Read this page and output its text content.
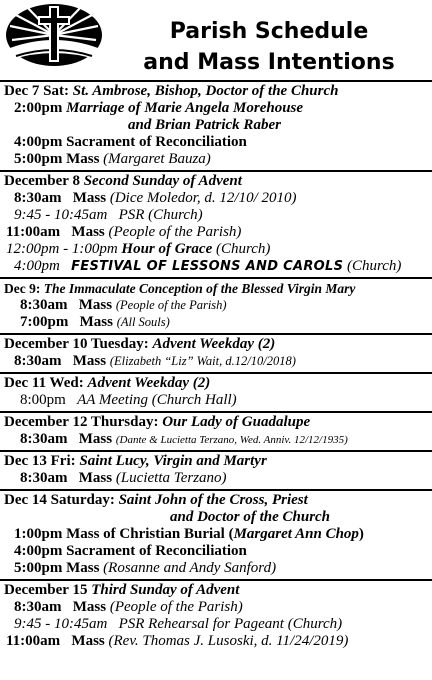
Parish Schedule
and Mass Intentions
Dec 7 Sat: St. Ambrose, Bishop, Doctor of the Church
2:00pm Marriage of Marie Angela Morehouse
and Brian Patrick Raber
4:00pm Sacrament of Reconciliation
5:00pm Mass (Margaret Bauza)
December 8 Second Sunday of Advent
8:30am Mass (Dice Moledor, d. 12/10/ 2010)
9:45 - 10:45am PSR (Church)
11:00am Mass (People of the Parish)
12:00pm - 1:00pm Hour of Grace (Church)
4:00pm FESTIVAL OF LESSONS AND CAROLS (Church)
Dec 9: The Immaculate Conception of the Blessed Virgin Mary
8:30am Mass (People of the Parish)
7:00pm Mass (All Souls)
December 10 Tuesday: Advent Weekday (2)
8:30am Mass (Elizabeth “Liz” Wait, d.12/10/2018)
Dec 11 Wed: Advent Weekday (2)
8:00pm AA Meeting (Church Hall)
December 12 Thursday: Our Lady of Guadalupe
8:30am Mass (Dante & Lucietta Terzano, Wed. Anniv. 12/12/1935)
Dec 13 Fri: Saint Lucy, Virgin and Martyr
8:30am Mass (Lucietta Terzano)
Dec 14 Saturday: Saint John of the Cross, Priest
and Doctor of the Church
1:00pm Mass of Christian Burial (Margaret Ann Chop)
4:00pm Sacrament of Reconciliation
5:00pm Mass (Rosanne and Andy Sanford)
December 15 Third Sunday of Advent
8:30am Mass (People of the Parish)
9:45 - 10:45am PSR Rehearsal for Pageant (Church)
11:00am Mass (Rev. Thomas J. Lusoski, d. 11/24/2019)
